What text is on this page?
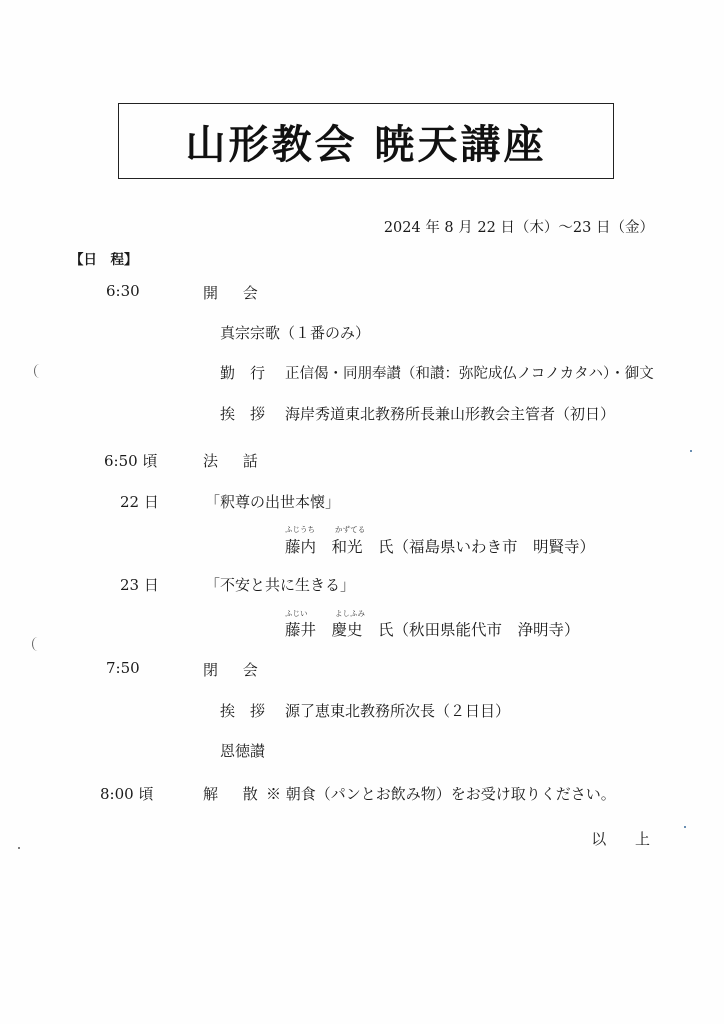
山形教会 暁天講座
2024 年 8 月 22 日（木）～23 日（金）
【日　程】
6:30	開 会
真宗宗歌（１番のみ）
勤　行 正信偈・同朋奉讃（和讃：弥陀成仏ノコノカタハ）・御文
挨　拶 海岸秀道東北教務所長兼山形教会主管者（初日）
6:50 頃	法 話
22 日	「釈尊の出世本懐」
ふじうち	かずてる
藤内　和光　氏（福島県いわき市　明賢寺）
23 日	「不安と共に生きる」
ふじい	よしふみ
藤井　慶史　氏（秋田県能代市　浄明寺）
7:50	閉 会
挨　拶 源了恵東北教務所次長（２日目）
恩徳讃
8:00 頃	解 散
※ 朝食（パンとお飲み物）をお受け取りください。
以 上
